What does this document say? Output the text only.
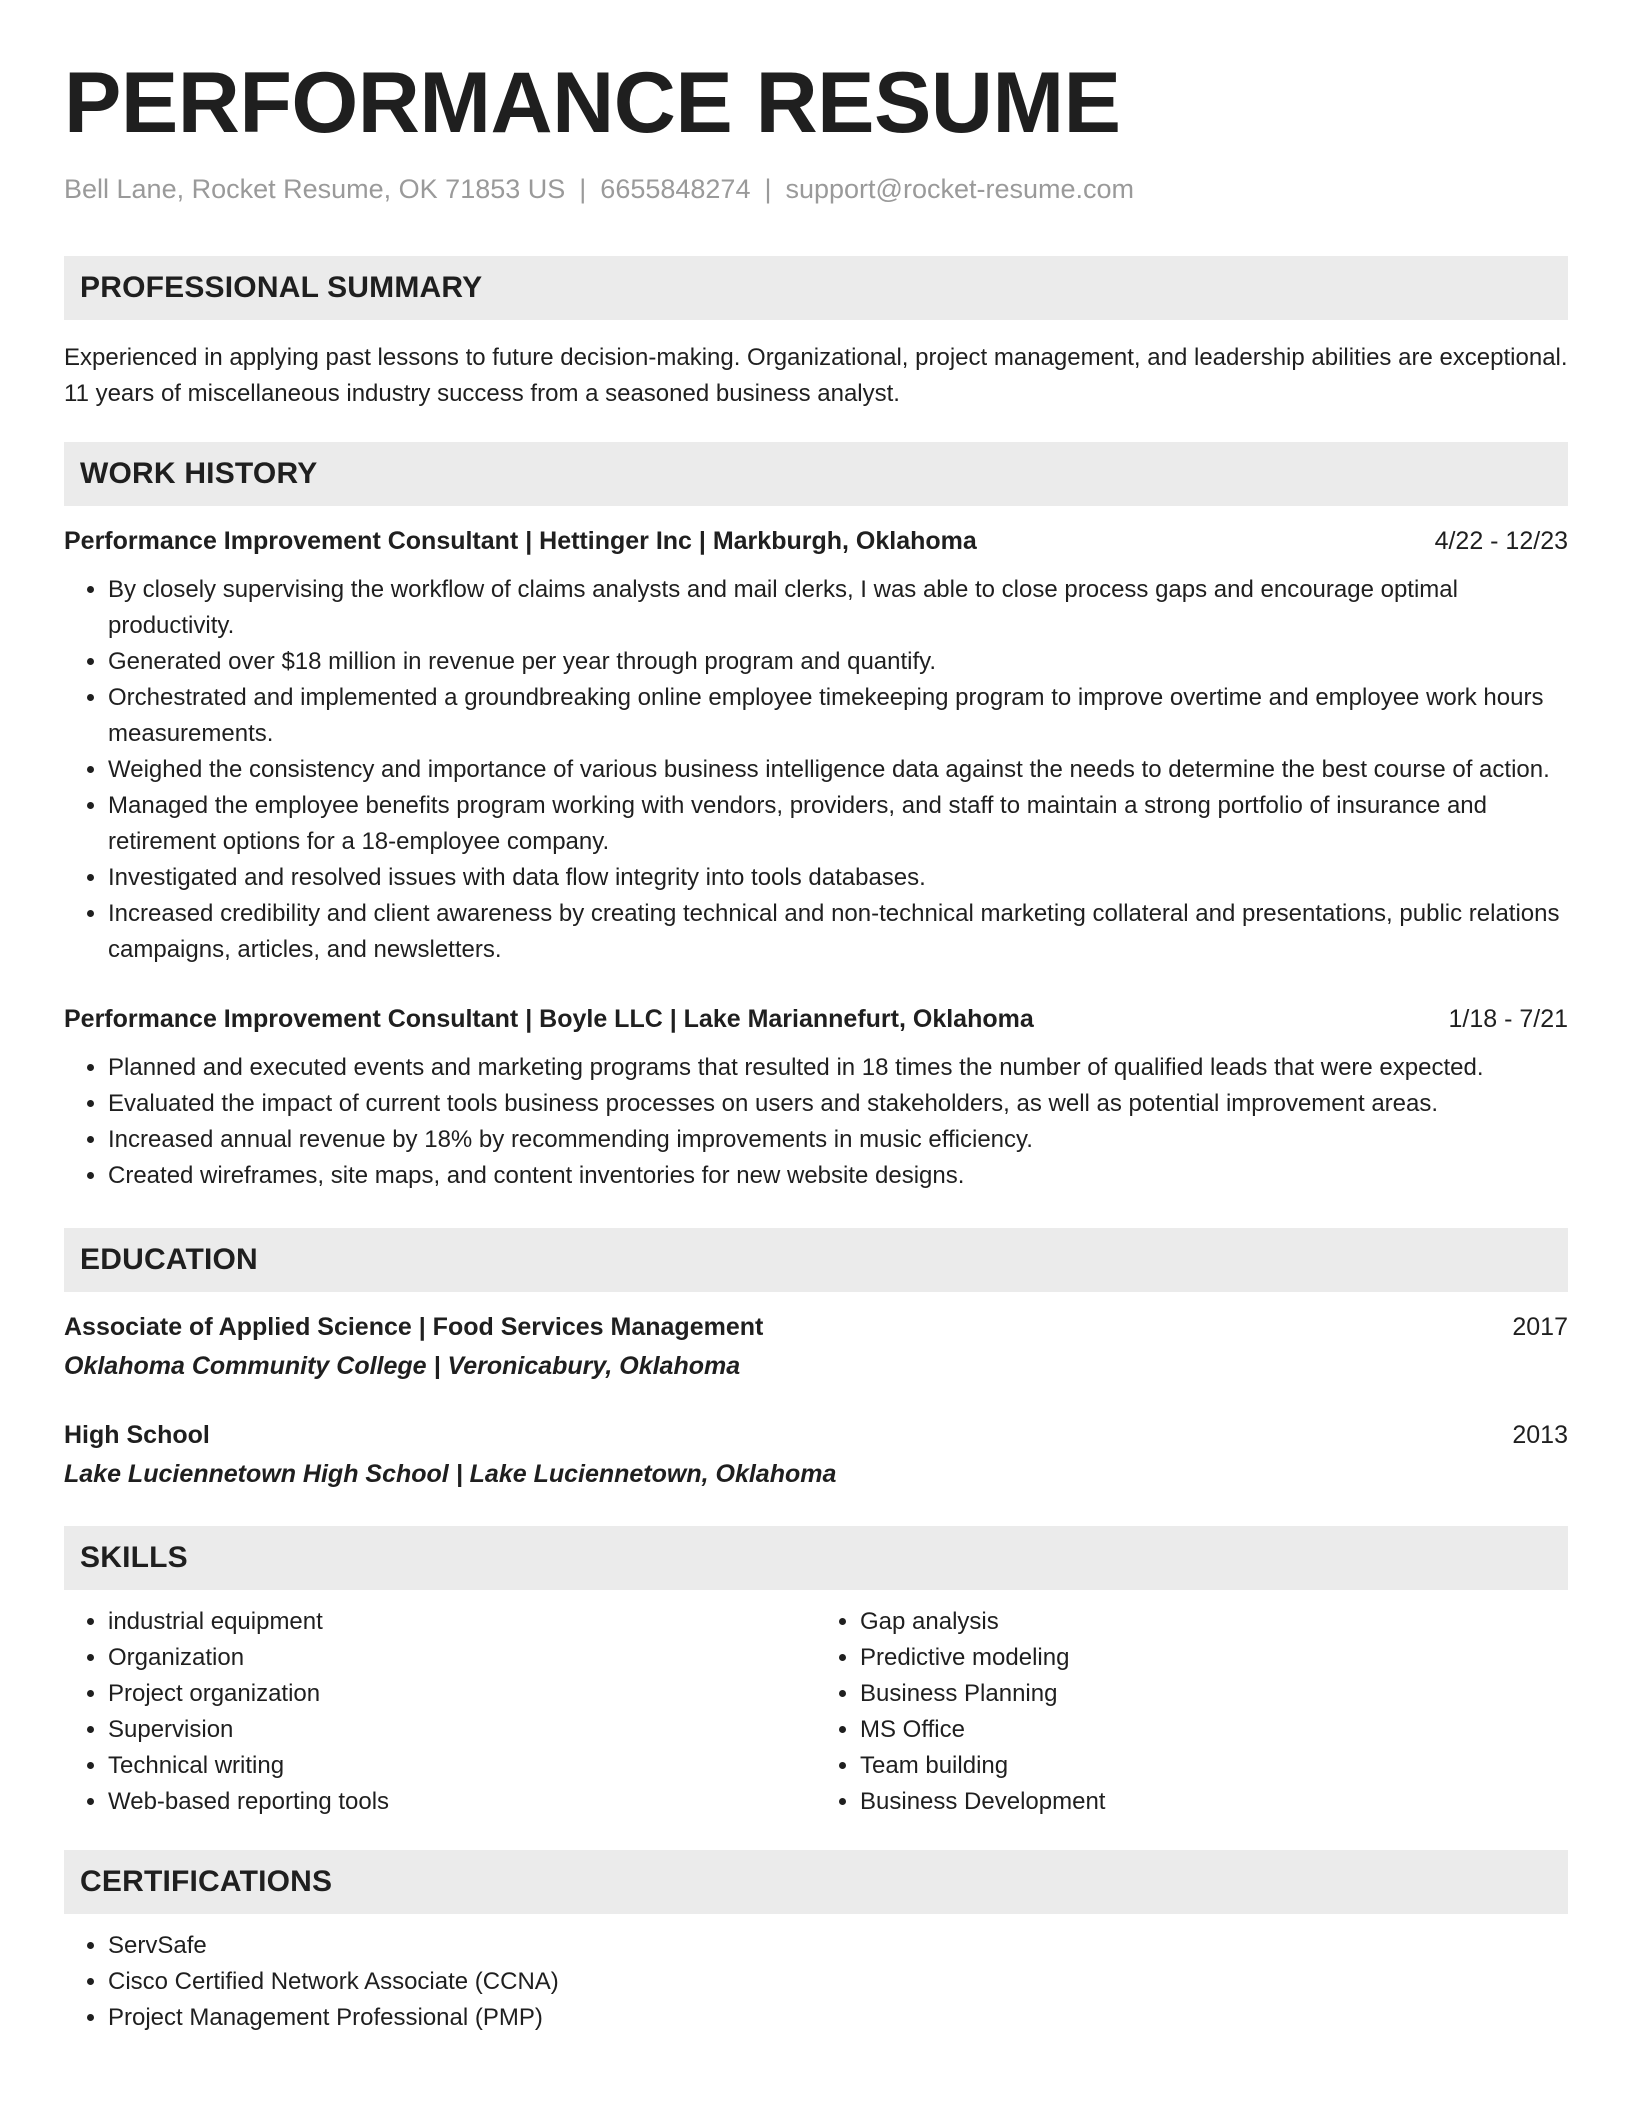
PERFORMANCE RESUME
Bell Lane, Rocket Resume, OK 71853 US | 6655848274 | support@rocket-resume.com
PROFESSIONAL SUMMARY

Experienced in applying past lessons to future decision-making. Organizational, project management, and leadership abilities are exceptional. 11 years of miscellaneous industry success from a seasoned business analyst.

WORK HISTORY
Performance Improvement Consultant | Hettinger Inc | Markburgh, Oklahoma	4/22 - 12/23
• By closely supervising the workflow of claims analysts and mail clerks, I was able to close process gaps and encourage optimal productivity.
• Generated over $18 million in revenue per year through program and quantify.
• Orchestrated and implemented a groundbreaking online employee timekeeping program to improve overtime and employee work hours measurements.
• Weighed the consistency and importance of various business intelligence data against the needs to determine the best course of action.
• Managed the employee benefits program working with vendors, providers, and staff to maintain a strong portfolio of insurance and retirement options for a 18-employee company.
• Investigated and resolved issues with data flow integrity into tools databases.
• Increased credibility and client awareness by creating technical and non-technical marketing collateral and presentations, public relations campaigns, articles, and newsletters.
Performance Improvement Consultant | Boyle LLC | Lake Mariannefurt, Oklahoma	1/18 - 7/21
• Planned and executed events and marketing programs that resulted in 18 times the number of qualified leads that were expected.
• Evaluated the impact of current tools business processes on users and stakeholders, as well as potential improvement areas.
• Increased annual revenue by 18% by recommending improvements in music efficiency.
• Created wireframes, site maps, and content inventories for new website designs.
EDUCATION
Associate of Applied Science | Food Services Management	2017
Oklahoma Community College | Veronicabury, Oklahoma
High School	2013
Lake Luciennetown High School | Lake Luciennetown, Oklahoma
SKILLS
• industrial equipment
• Organization
• Project organization
• Supervision
• Technical writing
• Web-based reporting tools
• Gap analysis
• Predictive modeling
• Business Planning
• MS Office
• Team building
• Business Development
CERTIFICATIONS
• ServSafe
• Cisco Certified Network Associate (CCNA)
• Project Management Professional (PMP)
